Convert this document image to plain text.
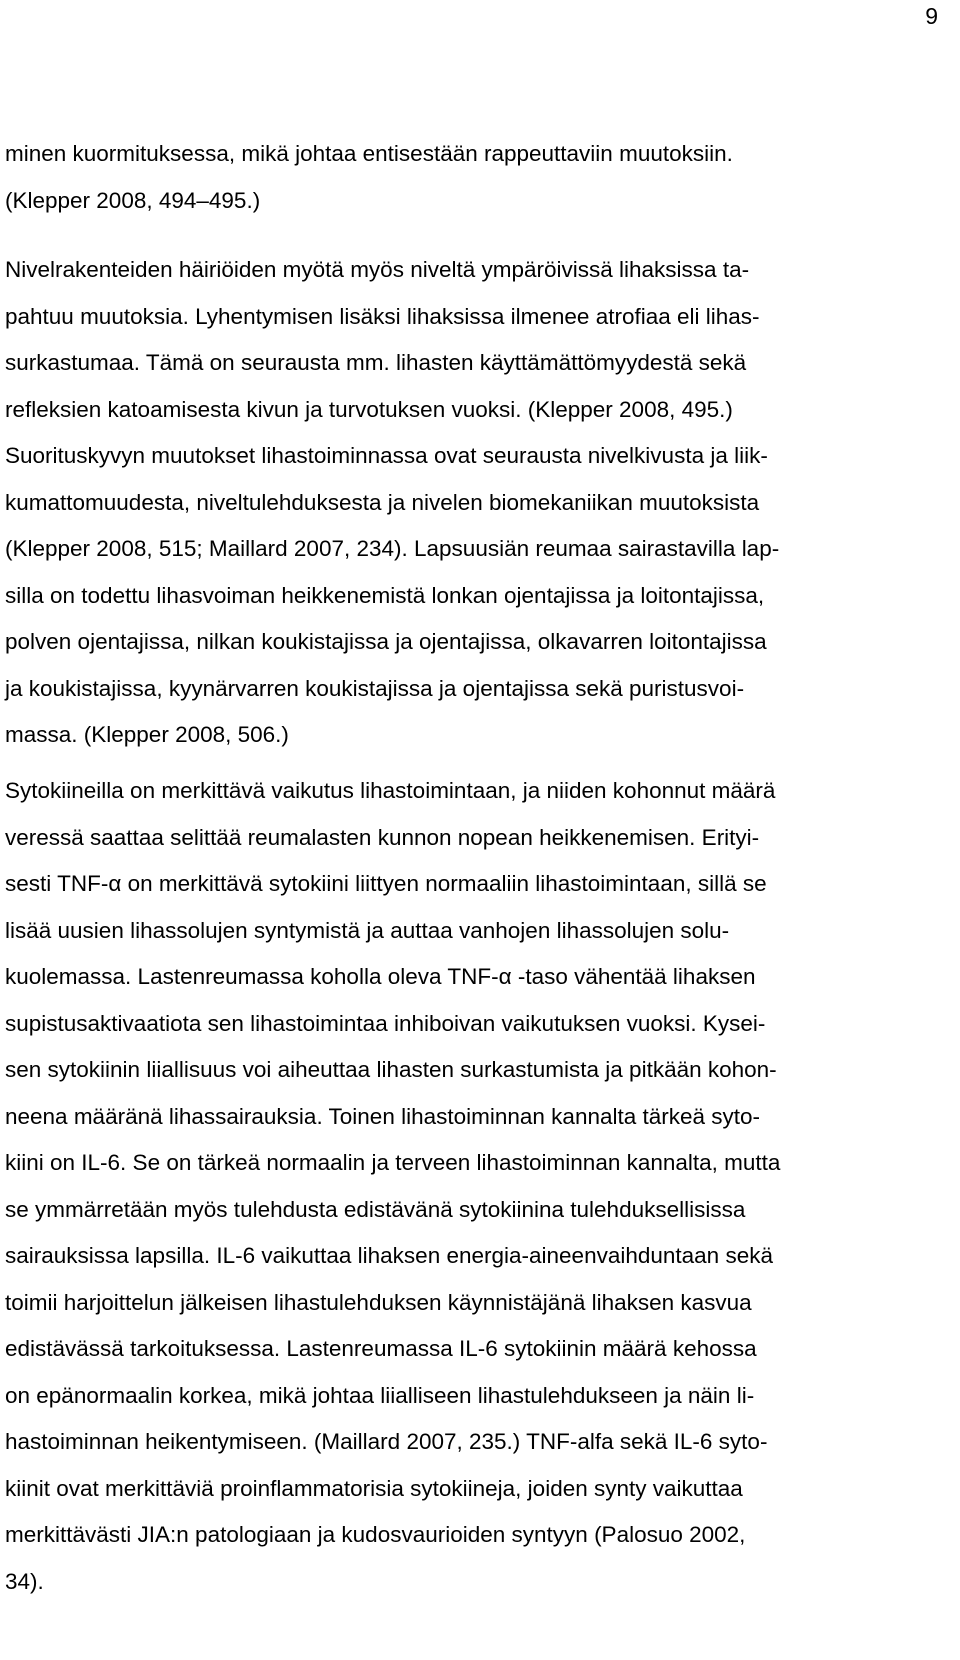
9
minen kuormituksessa, mikä johtaa entisestään rappeuttaviin muutoksiin.
(Klepper 2008, 494–495.)
Nivelrakenteiden häiriöiden myötä myös niveltä ympäröivissä lihaksissa ta-
pahtuu muutoksia. Lyhentymisen lisäksi lihaksissa ilmenee atrofiaa eli lihas-
surkastumaa. Tämä on seurausta mm. lihasten käyttämättömyydestä sekä
refleksien katoamisesta kivun ja turvotuksen vuoksi. (Klepper 2008, 495.)
Suorituskyvyn muutokset lihastoiminnassa ovat seurausta nivelkivusta ja liik-
kumattomuudesta, niveltulehduksesta ja nivelen biomekaniikan muutoksista
(Klepper 2008, 515; Maillard 2007, 234). Lapsuusiän reumaa sairastavilla lap-
silla on todettu lihasvoiman heikkenemistä lonkan ojentajissa ja loitontajissa,
polven ojentajissa, nilkan koukistajissa ja ojentajissa, olkavarren loitontajissa
ja koukistajissa, kyynärvarren koukistajissa ja ojentajissa sekä puristusvoi-
massa. (Klepper 2008, 506.)
Sytokiineilla on merkittävä vaikutus lihastoimintaan, ja niiden kohonnut määrä
veressä saattaa selittää reumalasten kunnon nopean heikkenemisen. Erityi-
sesti TNF-α on merkittävä sytokiini liittyen normaaliin lihastoimintaan, sillä se
lisää uusien lihassolujen syntymistä ja auttaa vanhojen lihassolujen solu-
kuolemassa. Lastenreumassa koholla oleva TNF-α -taso vähentää lihaksen
supistusaktivaatiota sen lihastoimintaa inhiboivan vaikutuksen vuoksi. Kysei-
sen sytokiinin liiallisuus voi aiheuttaa lihasten surkastumista ja pitkään kohon-
neena määränä lihassairauksia. Toinen lihastoiminnan kannalta tärkeä syto-
kiini on IL-6. Se on tärkeä normaalin ja terveen lihastoiminnan kannalta, mutta
se ymmärretään myös tulehdusta edistävänä sytokiinina tulehduksellisissa
sairauksissa lapsilla. IL-6 vaikuttaa lihaksen energia-aineenvaihduntaan sekä
toimii harjoittelun jälkeisen lihastulehduksen käynnistäjänä lihaksen kasvua
edistävässä tarkoituksessa. Lastenreumassa IL-6 sytokiinin määrä kehossa
on epänormaalin korkea, mikä johtaa liialliseen lihastulehdukseen ja näin li-
hastoiminnan heikentymiseen. (Maillard 2007, 235.) TNF-alfa sekä IL-6 syto-
kiinit ovat merkittäviä proinflammatorisia sytokiineja, joiden synty vaikuttaa
merkittävästi JIA:n patologiaan ja kudosvaurioiden syntyyn (Palosuo 2002,
34).
